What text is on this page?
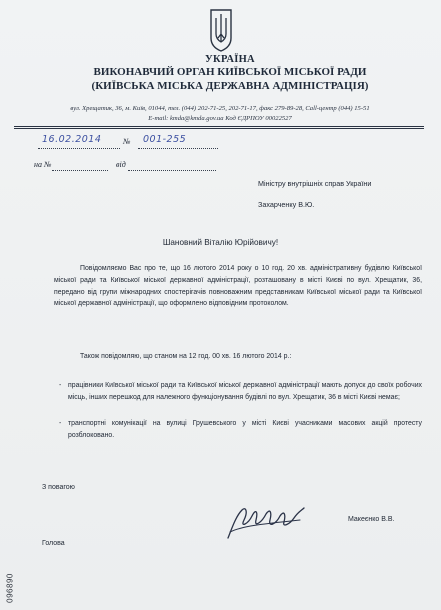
УКРАЇНА
ВИКОНАВЧИЙ ОРГАН КИЇВСЬКОЇ МІСЬКОЇ РАДИ
(КИЇВСЬКА МІСЬКА ДЕРЖАВНА АДМІНІСТРАЦІЯ)
вул. Хрещатик, 36, м. Київ, 01044, тел. (044) 202-71-25, 202-71-17, факс 279-89-28, Call-центр (044) 15-51
E-mail: kmda@kmda.gov.ua Код ЄДРПОУ 00022527
16.02.2014	№ 001-255
на №	від
Міністру внутрішніх справ України
Захарченку В.Ю.
Шановний Віталію Юрійовичу!
Повідомляємо Вас про те, що 16 лютого 2014 року о 10 год. 20 хв. адміністративну будівлю Київської міської ради та Київської міської державної адміністрації, розташовану в місті Києві по вул. Хрещатик, 36, передано від групи міжнародних спостерігачів повноважним представникам Київської міської ради та Київської міської державної адміністрації, що оформлено відповідним протоколом.
Також повідомляю, що станом на 12 год. 00 хв. 16 лютого 2014 р.:
- працівники Київської міської ради та Київської міської державної адміністрації мають допуск до своїх робочих місць, інших перешкод для належного функціонування будівлі по вул. Хрещатик, 36 в місті Києві немає;
- транспортні комунікації на вулиці Грушевського у місті Києві учасниками масових акцій протесту розблоковано.
З повагою
Голова
Макеєнко В.В.
096890
